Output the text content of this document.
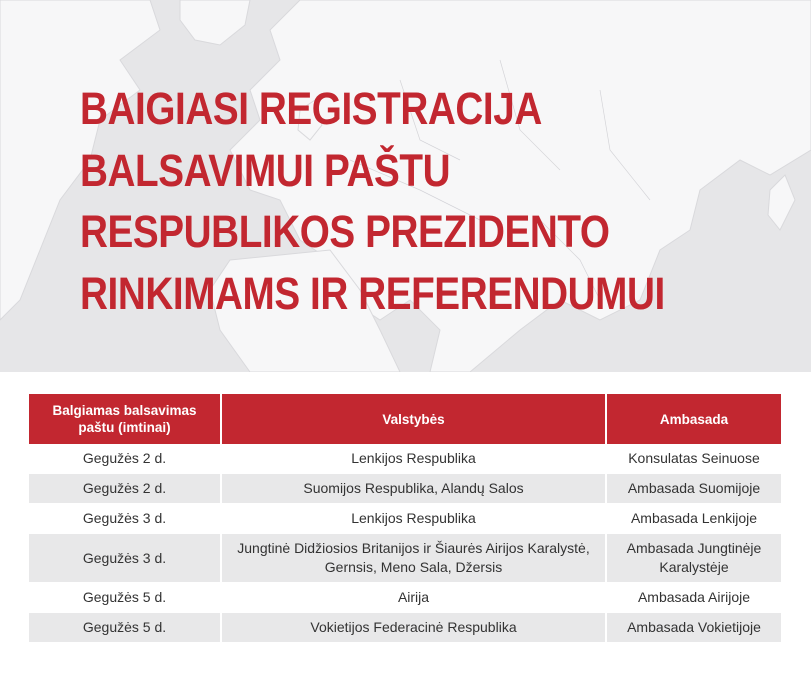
BAIGIASI REGISTRACIJA
BALSAVIMUI PAŠTU
RESPUBLIKOS PREZIDENTO
RINKIMAMS IR REFERENDUMUI
Balgiamas balsavimas paštu (imtinai)	Valstybės	Ambasada
Gegužės 2 d.	Lenkijos Respublika	Konsulatas Seinuose
Gegužės 2 d.	Suomijos Respublika, Alandų Salos	Ambasada Suomijoje
Gegužės 3 d.	Lenkijos Respublika	Ambasada Lenkijoje
Gegužės 3 d.	Jungtinė Didžiosios Britanijos ir Šiaurės Airijos Karalystė, Gernsis, Meno Sala, Džersis	Ambasada Jungtinėje Karalystėje
Gegužės 5 d.	Airija	Ambasada Airijoje
Gegužės 5 d.	Vokietijos Federacinė Respublika	Ambasada Vokietijoje
